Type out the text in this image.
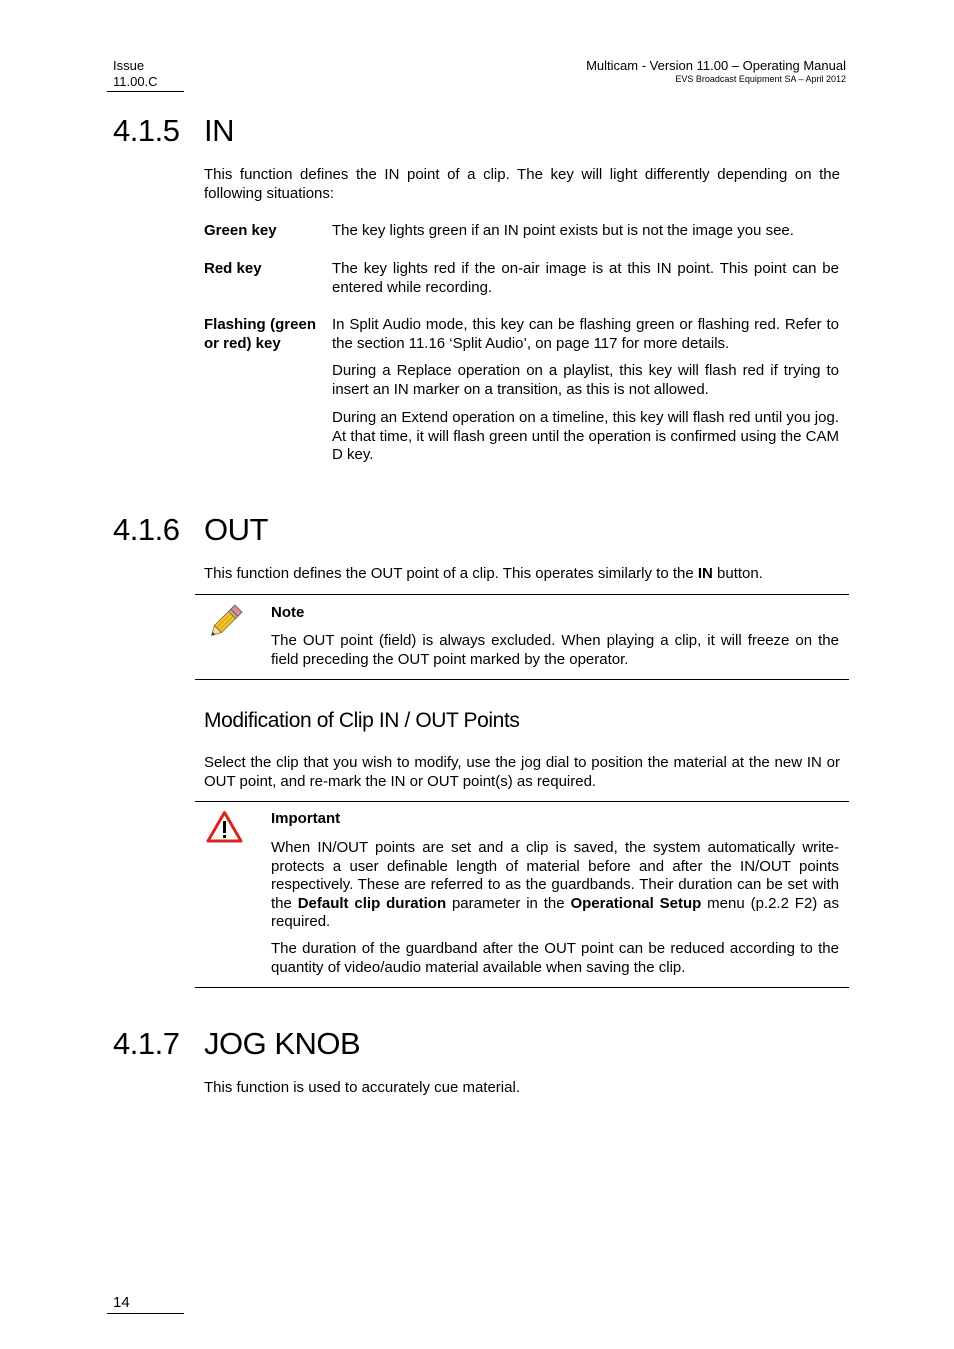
Issue
11.00.C
Multicam - Version 11.00 – Operating Manual
EVS Broadcast Equipment SA – April 2012
4.1.5 IN
This function defines the IN point of a clip. The key will light differently depending on the following situations:
Green key	The key lights green if an IN point exists but is not the image you see.
Red key	The key lights red if the on-air image is at this IN point. This point can be entered while recording.
Flashing (green or red) key
In Split Audio mode, this key can be flashing green or flashing red. Refer to the section 11.16 ‘Split Audio’, on page 117 for more details.
During a Replace operation on a playlist, this key will flash red if trying to insert an IN marker on a transition, as this is not allowed.
During an Extend operation on a timeline, this key will flash red until you jog. At that time, it will flash green until the operation is confirmed using the CAM D key.
4.1.6 OUT
This function defines the OUT point of a clip. This operates similarly to the IN button.
Note
The OUT point (field) is always excluded. When playing a clip, it will freeze on the field preceding the OUT point marked by the operator.
Modification of Clip IN / OUT Points
Select the clip that you wish to modify, use the jog dial to position the material at the new IN or OUT point, and re-mark the IN or OUT point(s) as required.
Important
When IN/OUT points are set and a clip is saved, the system automatically write-protects a user definable length of material before and after the IN/OUT points respectively. These are referred to as the guardbands. Their duration can be set with the Default clip duration parameter in the Operational Setup menu (p.2.2 F2) as required.
The duration of the guardband after the OUT point can be reduced according to the quantity of video/audio material available when saving the clip.
4.1.7 JOG KNOB
This function is used to accurately cue material.
14
